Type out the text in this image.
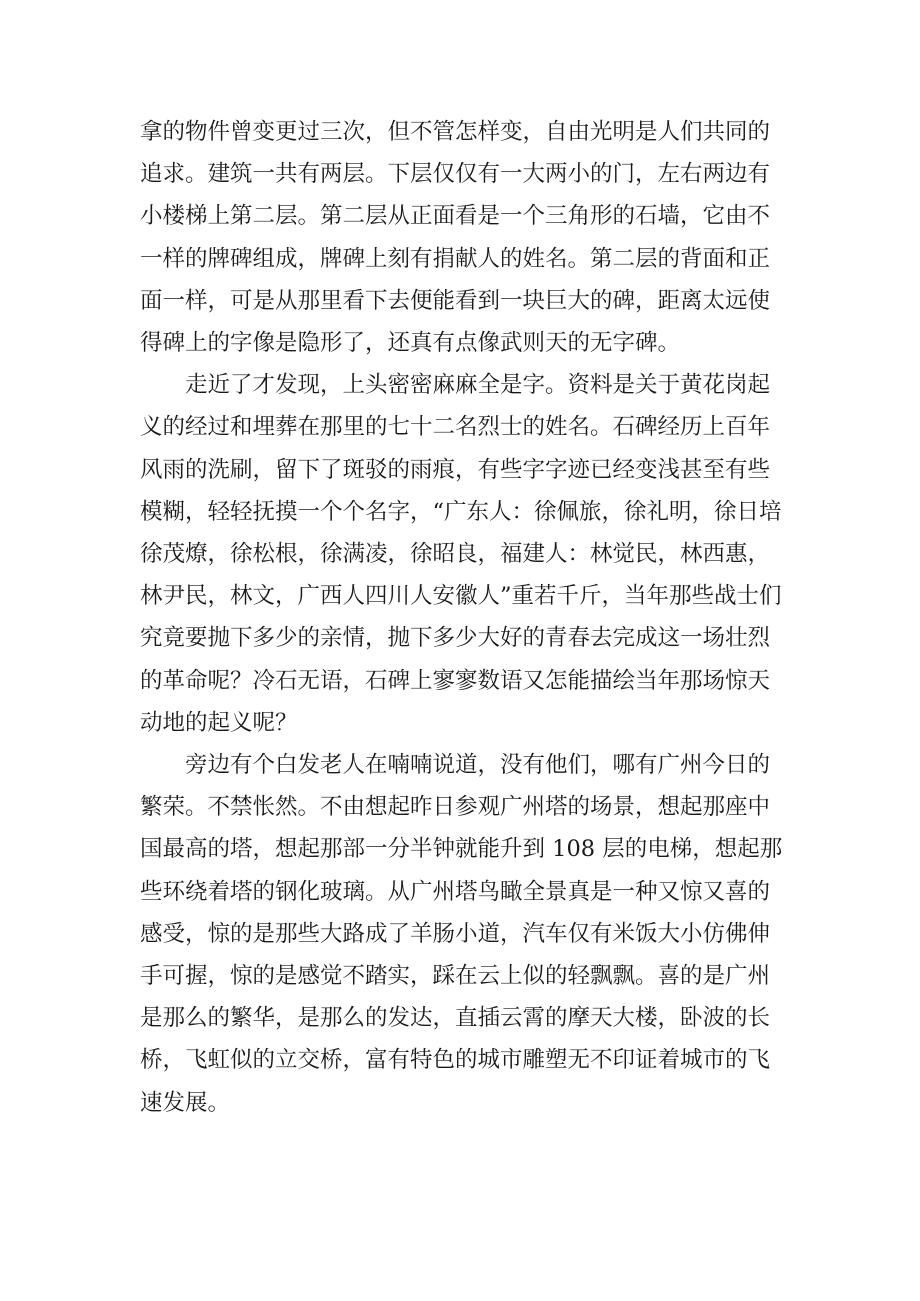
拿的物件曾变更过三次，但不管怎样变，自由光明是人们共同的追求。建筑一共有两层。下层仅仅有一大两小的门，左右两边有小楼梯上第二层。第二层从正面看是一个三角形的石墙，它由不一样的牌碑组成，牌碑上刻有捐献人的姓名。第二层的背面和正面一样，可是从那里看下去便能看到一块巨大的碑，距离太远使得碑上的字像是隐形了，还真有点像武则天的无字碑。

走近了才发现，上头密密麻麻全是字。资料是关于黄花岗起义的经过和埋葬在那里的七十二名烈士的姓名。石碑经历上百年风雨的洗刷，留下了斑驳的雨痕，有些字字迹已经变浅甚至有些模糊，轻轻抚摸一个个名字，“广东人：徐佩旅，徐礼明，徐日培徐茂燎，徐松根，徐满凌，徐昭良，福建人：林觉民，林西惠，林尹民，林文，广西人四川人安徽人”重若千斤，当年那些战士们究竟要抛下多少的亲情，抛下多少大好的青春去完成这一场壮烈的革命呢？冷石无语，石碑上寥寥数语又怎能描绘当年那场惊天动地的起义呢？

旁边有个白发老人在喃喃说道，没有他们，哪有广州今日的繁荣。不禁怅然。不由想起昨日参观广州塔的场景，想起那座中国最高的塔，想起那部一分半钟就能升到 108 层的电梯，想起那些环绕着塔的钢化玻璃。从广州塔鸟瞰全景真是一种又惊又喜的感受，惊的是那些大路成了羊肠小道，汽车仅有米饭大小仿佛伸手可握，惊的是感觉不踏实，踩在云上似的轻飘飘。喜的是广州是那么的繁华，是那么的发达，直插云霄的摩天大楼，卧波的长桥，飞虹似的立交桥，富有特色的城市雕塑无不印证着城市的飞速发展。
